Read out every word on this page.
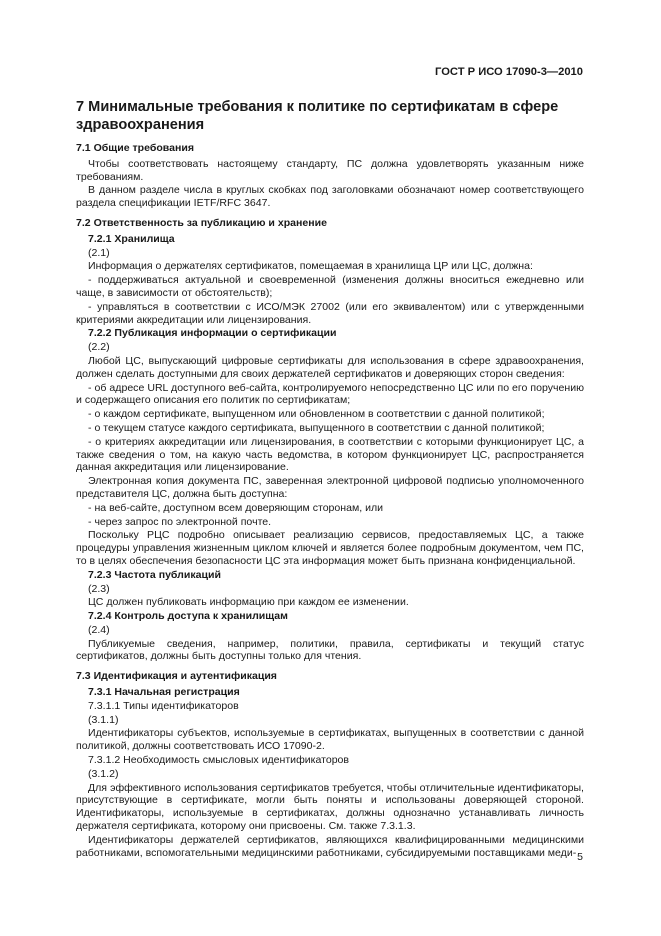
ГОСТ Р ИСО 17090-3—2010
7 Минимальные требования к политике по сертификатам в сфере здравоохранения
7.1 Общие требования

Чтобы соответствовать настоящему стандарту, ПС должна удовлетворять указанным ниже требованиям.

В данном разделе числа в круглых скобках под заголовками обозначают номер соответствующего раздела спецификации IETF/RFC 3647.

7.2 Ответственность за публикацию и хранение
7.2.1 Хранилища

(2.1)

Информация о держателях сертификатов, помещаемая в хранилища ЦР или ЦС, должна:

- поддерживаться актуальной и своевременной (изменения должны вноситься ежедневно или чаще, в зависимости от обстоятельств);

- управляться в соответствии с ИСО/МЭК 27002 (или его эквивалентом) или с утвержденными критериями аккредитации или лицензирования.

7.2.2 Публикация информации о сертификации

(2.2)

Любой ЦС, выпускающий цифровые сертификаты для использования в сфере здравоохранения, должен сделать доступными для своих держателей сертификатов и доверяющих сторон сведения:

- об адресе URL доступного веб-сайта, контролируемого непосредственно ЦС или по его поручению и содержащего описания его политик по сертификатам;

- о каждом сертификате, выпущенном или обновленном в соответствии с данной политикой;

- о текущем статусе каждого сертификата, выпущенного в соответствии с данной политикой;

- о критериях аккредитации или лицензирования, в соответствии с которыми функционирует ЦС, а также сведения о том, на какую часть ведомства, в котором функционирует ЦС, распространяется данная аккредитация или лицензирование.

Электронная копия документа ПС, заверенная электронной цифровой подписью уполномоченного представителя ЦС, должна быть доступна:

- на веб-сайте, доступном всем доверяющим сторонам, или

- через запрос по электронной почте.

Поскольку РЦС подробно описывает реализацию сервисов, предоставляемых ЦС, а также процедуры управления жизненным циклом ключей и является более подробным документом, чем ПС, то в целях обеспечения безопасности ЦС эта информация может быть признана конфиденциальной.

7.2.3 Частота публикаций

(2.3)

ЦС должен публиковать информацию при каждом ее изменении.

7.2.4 Контроль доступа к хранилищам

(2.4)

Публикуемые сведения, например, политики, правила, сертификаты и текущий статус сертификатов, должны быть доступны только для чтения.

7.3 Идентификация и аутентификация
7.3.1 Начальная регистрация
7.3.1.1 Типы идентификаторов

(3.1.1)

Идентификаторы субъектов, используемые в сертификатах, выпущенных в соответствии с данной политикой, должны соответствовать ИСО 17090-2.

7.3.1.2 Необходимость смысловых идентификаторов

(3.1.2)

Для эффективного использования сертификатов требуется, чтобы отличительные идентификаторы, присутствующие в сертификате, могли быть поняты и использованы доверяющей стороной. Идентификаторы, используемые в сертификатах, должны однозначно устанавливать личность держателя сертификата, которому они присвоены. См. также 7.3.1.3.

Идентификаторы держателей сертификатов, являющихся квалифицированными медицинскими работниками, вспомогательными медицинскими работниками, субсидируемыми поставщиками меди- 5
